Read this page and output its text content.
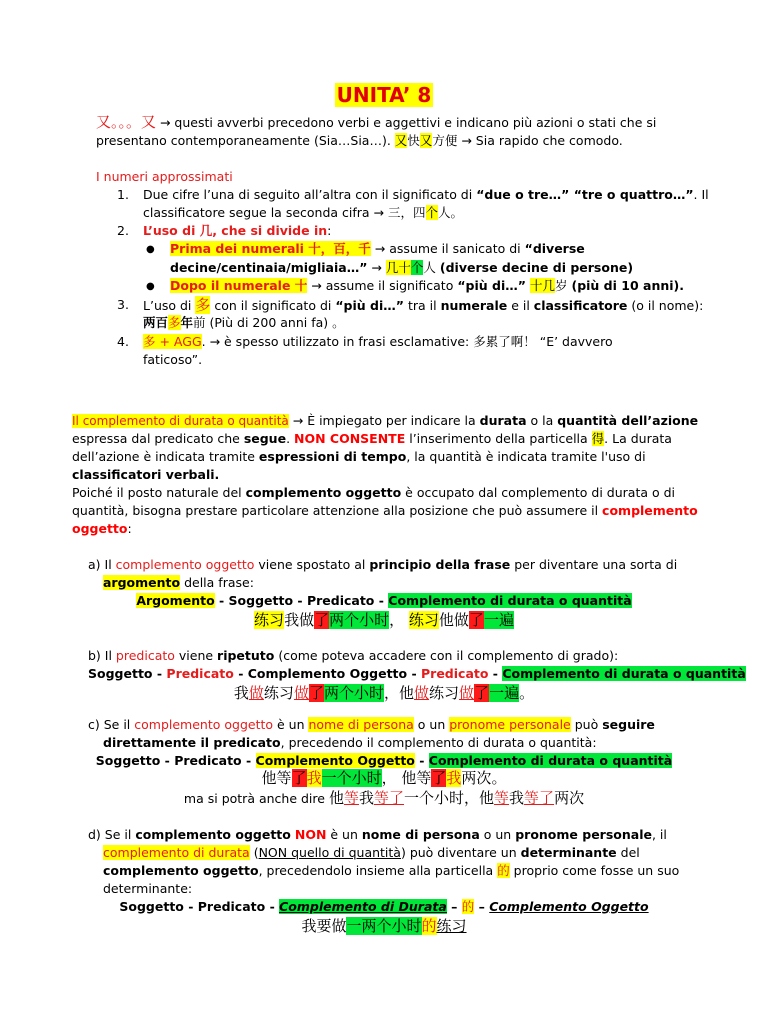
UNITA’ 8
又。。。又 → questi avverbi precedono verbi e aggettivi e indicano più azioni o stati che si
presentano contemporaneamente (Sia…Sia…). 又快又方便 → Sia rapido che comodo.
I numeri approssimati
1. Due cifre l’una di seguito all’altra con il significato di “due o tre…” “tre o quattro…”. Il
classificatore segue la seconda cifra → 三，四个人。
2. L’uso di 几, che si divide in:
● Prima dei numerali 十，百，千 → assume il sanicato di “diverse
decine/centinaia/migliaia…” → 几十个人 (diverse decine di persone)
● Dopo il numerale 十 → assume il significato “più di…” 十几岁 (più di 10 anni).
3. L’uso di 多 con il significato di “più di…” tra il numerale e il classificatore (o il nome):
两百多年前 (Più di 200 anni fa) 。
4. 多 + AGG. → è spesso utilizzato in frasi esclamative: 多累了啊！ “E’ davvero
faticoso”.
Il complemento di durata o quantità → È impiegato per indicare la durata o la quantità dell’azione
espressa dal predicato che segue. NON CONSENTE l’inserimento della particella 得. La durata
dell’azione è indicata tramite espressioni di tempo, la quantità è indicata tramite l'uso di
classificatori verbali.
Poiché il posto naturale del complemento oggetto è occupato dal complemento di durata o di
quantità, bisogna prestare particolare attenzione alla posizione che può assumere il complemento
oggetto:
a) Il complemento oggetto viene spostato al principio della frase per diventare una sorta di
argomento della frase:
Argomento - Soggetto - Predicato - Complemento di durata o quantità
练习我做了两个小时， 练习他做了一遍
b) Il predicato viene ripetuto (come poteva accadere con il complemento di grado):
Soggetto - Predicato - Complemento Oggetto - Predicato - Complemento di durata o quantità
我做练习做了两个小时，他做练习做了一遍。
c) Se il complemento oggetto è un nome di persona o un pronome personale può seguire
direttamente il predicato, precedendo il complemento di durata o quantità:
Soggetto - Predicato - Complemento Oggetto - Complemento di durata o quantità
他等了我一个小时， 他等了我两次。
ma si potrà anche dire 他等我等了一个小时，他等我等了两次
d) Se il complemento oggetto NON è un nome di persona o un pronome personale, il
complemento di durata (NON quello di quantità) può diventare un determinante del
complemento oggetto, precedendolo insieme alla particella 的 proprio come fosse un suo
determinante:
Soggetto - Predicato - Complemento di Durata – 的 – Complemento Oggetto
我要做一两个小时的练习
